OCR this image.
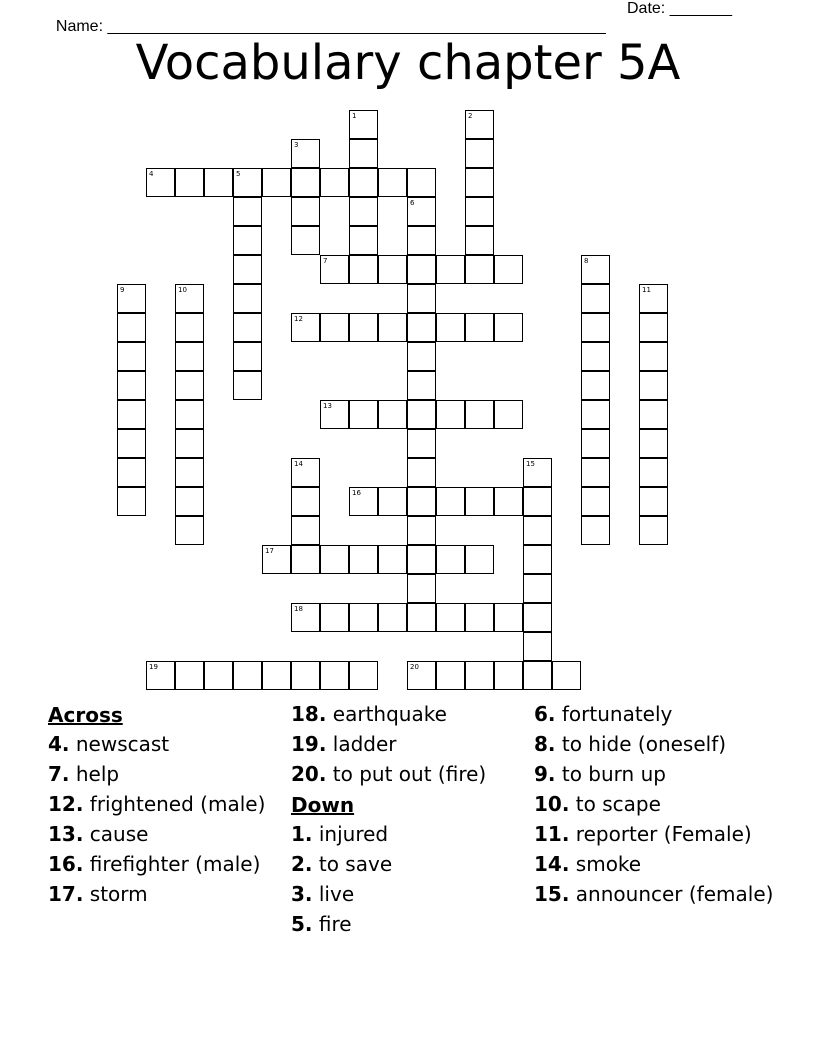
Name: ________________________________________________________

Date: _______

Vocabulary chapter 5A
1	2
3
4	5
6
7	8
9	10	11
12
13
14	15
16
17
18
19	20
Across
4. newscast
7. help
12. frightened (male)
13. cause
16. firefighter (male)
17. storm
18. earthquake
19. ladder
20. to put out (fire)
Down
1. injured
2. to save
3. live
5. fire
6. fortunately
8. to hide (oneself)
9. to burn up
10. to scape
11. reporter (Female)
14. smoke
15. announcer (female)
